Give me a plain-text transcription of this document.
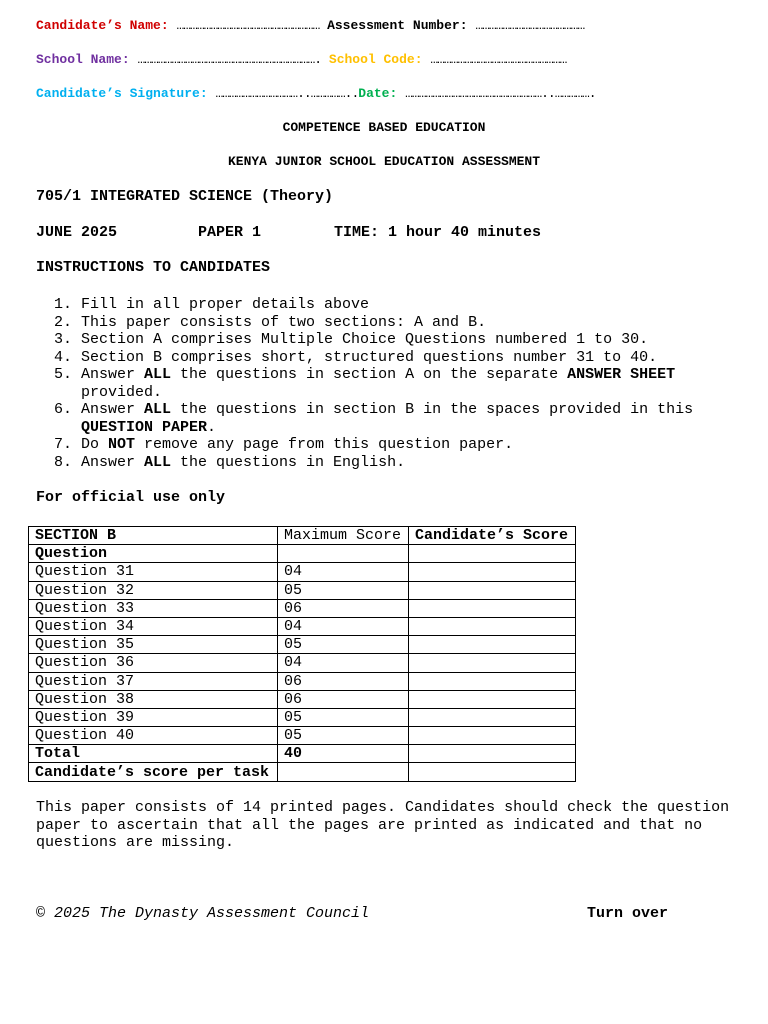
Candidate’s Name: ……………………………………………………… Assessment Number: …………………………………………
School Name: ……………………………………………………………………. School Code: ……………………………………………………
Candidate’s Signature: ………………………………..……………..Date: ……………………………………………………..…………….
COMPETENCE BASED EDUCATION
KENYA JUNIOR SCHOOL EDUCATION ASSESSMENT
705/1 INTEGRATED SCIENCE (Theory)
JUNE 2025	PAPER 1	TIME: 1 hour 40 minutes
INSTRUCTIONS TO CANDIDATES
1. Fill in all proper details above
2. This paper consists of two sections: A and B.
3. Section A comprises Multiple Choice Questions numbered 1 to 30.
4. Section B comprises short, structured questions number 31 to 40.
5. Answer ALL the questions in section A on the separate ANSWER SHEET provided.
6. Answer ALL the questions in section B in the spaces provided in this QUESTION PAPER.
7. Do NOT remove any page from this question paper.
8. Answer ALL the questions in English.
For official use only
SECTION B	Maximum Score	Candidate’s Score
Question		
Question 31	04	
Question 32	05	
Question 33	06	
Question 34	04	
Question 35	05	
Question 36	04	
Question 37	06	
Question 38	06	
Question 39	05	
Question 40	05	
Total	40	
Candidate’s score per task		
This paper consists of 14 printed pages. Candidates should check the question paper to ascertain that all the pages are printed as indicated and that no questions are missing.
© 2025 The Dynasty Assessment Council	Turn over
